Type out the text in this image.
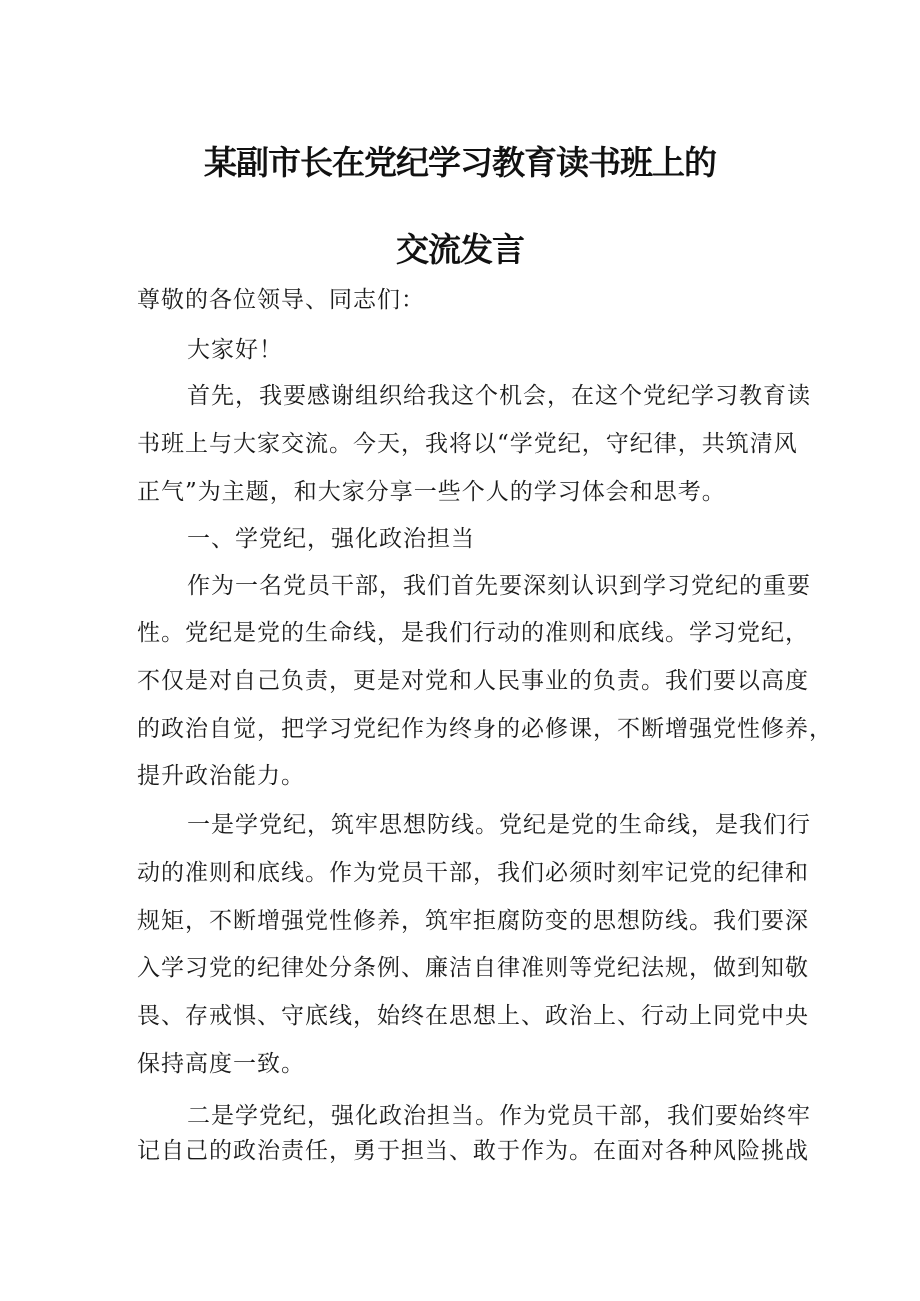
某副市长在党纪学习教育读书班上的
交流发言

尊敬的各位领导、同志们：

大家好！

首先，我要感谢组织给我这个机会，在这个党纪学习教育读

书班上与大家交流。今天，我将以“学党纪，守纪律，共筑清风

正气”为主题，和大家分享一些个人的学习体会和思考。

一、学党纪，强化政治担当

作为一名党员干部，我们首先要深刻认识到学习党纪的重要

性。党纪是党的生命线，是我们行动的准则和底线。学习党纪，

不仅是对自己负责，更是对党和人民事业的负责。我们要以高度

的政治自觉，把学习党纪作为终身的必修课，不断增强党性修养，

提升政治能力。

一是学党纪，筑牢思想防线。党纪是党的生命线，是我们行

动的准则和底线。作为党员干部，我们必须时刻牢记党的纪律和

规矩，不断增强党性修养，筑牢拒腐防变的思想防线。我们要深

入学习党的纪律处分条例、廉洁自律准则等党纪法规，做到知敬

畏、存戒惧、守底线，始终在思想上、政治上、行动上同党中央

保持高度一致。

二是学党纪，强化政治担当。作为党员干部，我们要始终牢

记自己的政治责任，勇于担当、敢于作为。在面对各种风险挑战
